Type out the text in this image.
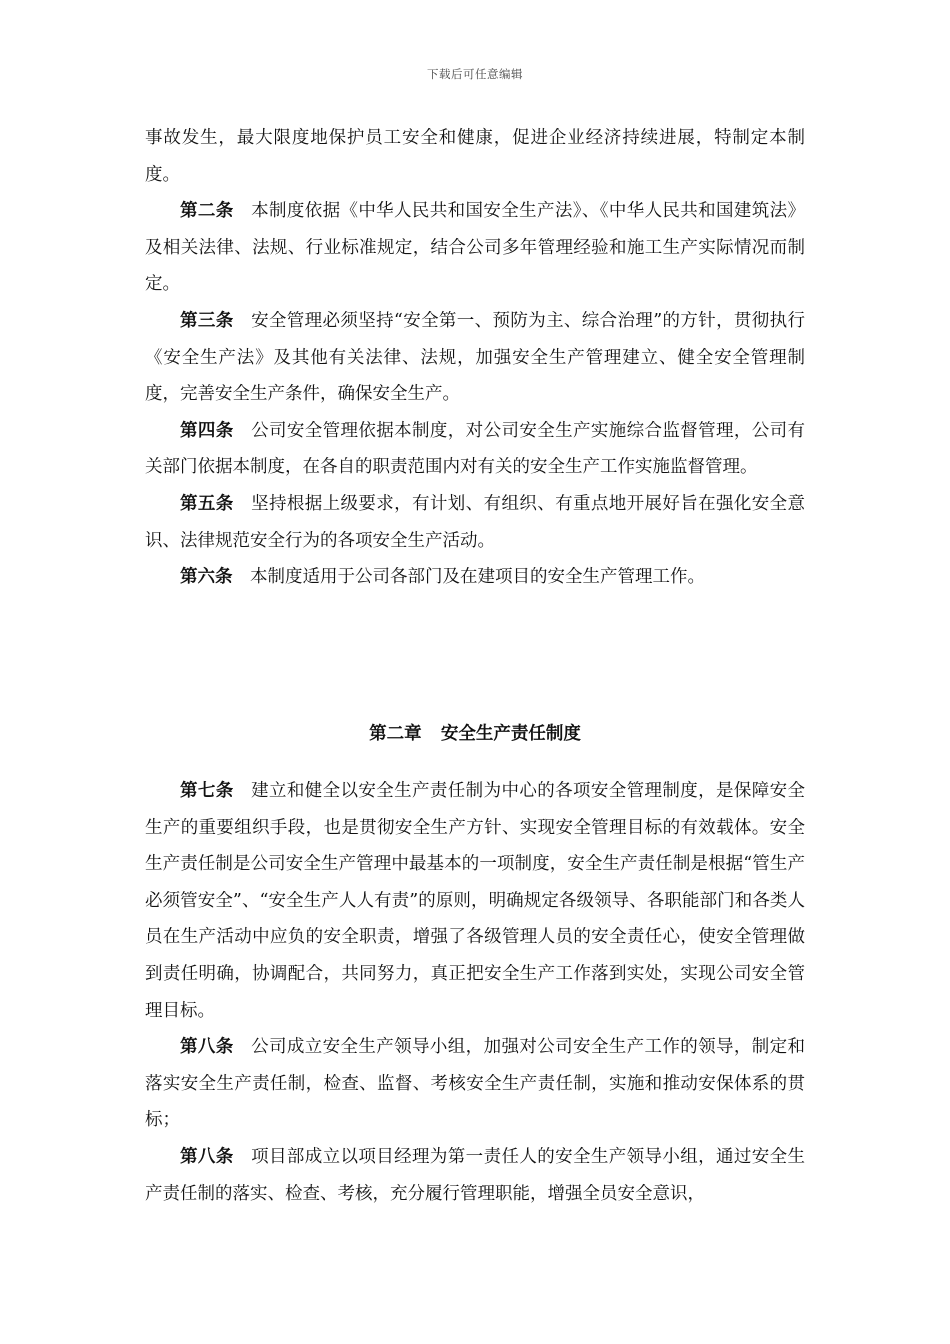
下载后可任意编辑

事故发生，最大限度地保护员工安全和健康，促进企业经济持续进展，特制定本制度。

第二条 本制度依据《中华人民共和国安全生产法》、《中华人民共和国建筑法》及相关法律、法规、行业标准规定，结合公司多年管理经验和施工生产实际情况而制定。

第三条 安全管理必须坚持“安全第一、预防为主、综合治理”的方针，贯彻执行《安全生产法》及其他有关法律、法规，加强安全生产管理建立、健全安全管理制度，完善安全生产条件，确保安全生产。

第四条 公司安全管理依据本制度，对公司安全生产实施综合监督管理，公司有关部门依据本制度，在各自的职责范围内对有关的安全生产工作实施监督管理。

第五条 坚持根据上级要求，有计划、有组织、有重点地开展好旨在强化安全意识、法律规范安全行为的各项安全生产活动。

第六条 本制度适用于公司各部门及在建项目的安全生产管理工作。

第二章 安全生产责任制度

第七条 建立和健全以安全生产责任制为中心的各项安全管理制度，是保障安全生产的重要组织手段，也是贯彻安全生产方针、实现安全管理目标的有效载体。安全生产责任制是公司安全生产管理中最基本的一项制度，安全生产责任制是根据“管生产必须管安全”、“安全生产人人有责”的原则，明确规定各级领导、各职能部门和各类人员在生产活动中应负的安全职责，增强了各级管理人员的安全责任心，使安全管理做到责任明确，协调配合，共同努力，真正把安全生产工作落到实处，实现公司安全管理目标。

第八条 公司成立安全生产领导小组，加强对公司安全生产工作的领导，制定和落实安全生产责任制，检查、监督、考核安全生产责任制，实施和推动安保体系的贯标；

第八条 项目部成立以项目经理为第一责任人的安全生产领导小组，通过安全生产责任制的落实、检查、考核，充分履行管理职能，增强全员安全意识，
